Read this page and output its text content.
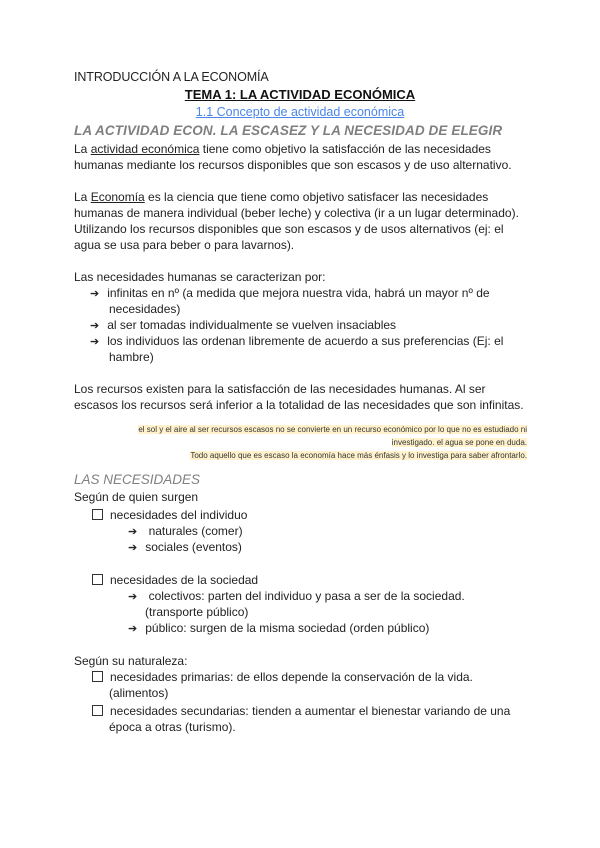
INTRODUCCIÓN A LA ECONOMÍA
TEMA 1: LA ACTIVIDAD ECONÓMICA
1.1 Concepto de actividad económica
LA ACTIVIDAD ECON. LA ESCASEZ Y LA NECESIDAD DE ELEGIR
La actividad económica tiene como objetivo la satisfacción de las necesidades
humanas mediante los recursos disponibles que son escasos y de uso alternativo.
La Economía es la ciencia que tiene como objetivo satisfacer las necesidades
humanas de manera individual (beber leche) y colectiva (ir a un lugar determinado).
Utilizando los recursos disponibles que son escasos y de usos alternativos (ej: el
agua se usa para beber o para lavarnos).
Las necesidades humanas se caracterizan por:
➔ infinitas en nº (a medida que mejora nuestra vida, habrá un mayor nº de
necesidades)
➔ al ser tomadas individualmente se vuelven insaciables
➔ los individuos las ordenan libremente de acuerdo a sus preferencias (Ej: el
hambre)
Los recursos existen para la satisfacción de las necesidades humanas. Al ser
escasos los recursos será inferior a la totalidad de las necesidades que son infinitas.
el sol y el aire al ser recursos escasos no se convierte en un recurso económico por lo que no es estudiado ni
investigado. el agua se pone en duda.
Todo aquello que es escaso la economía hace más énfasis y lo investiga para saber afrontarlo.
LAS NECESIDADES
Según de quien surgen
necesidades del individuo
➔ naturales (comer)
➔ sociales (eventos)
necesidades de la sociedad
➔ colectivos: parten del individuo y pasa a ser de la sociedad.
(transporte público)
➔ público: surgen de la misma sociedad (orden público)
Según su naturaleza:
necesidades primarias: de ellos depende la conservación de la vida.
(alimentos)
necesidades secundarias: tienden a aumentar el bienestar variando de una
época a otras (turismo).
